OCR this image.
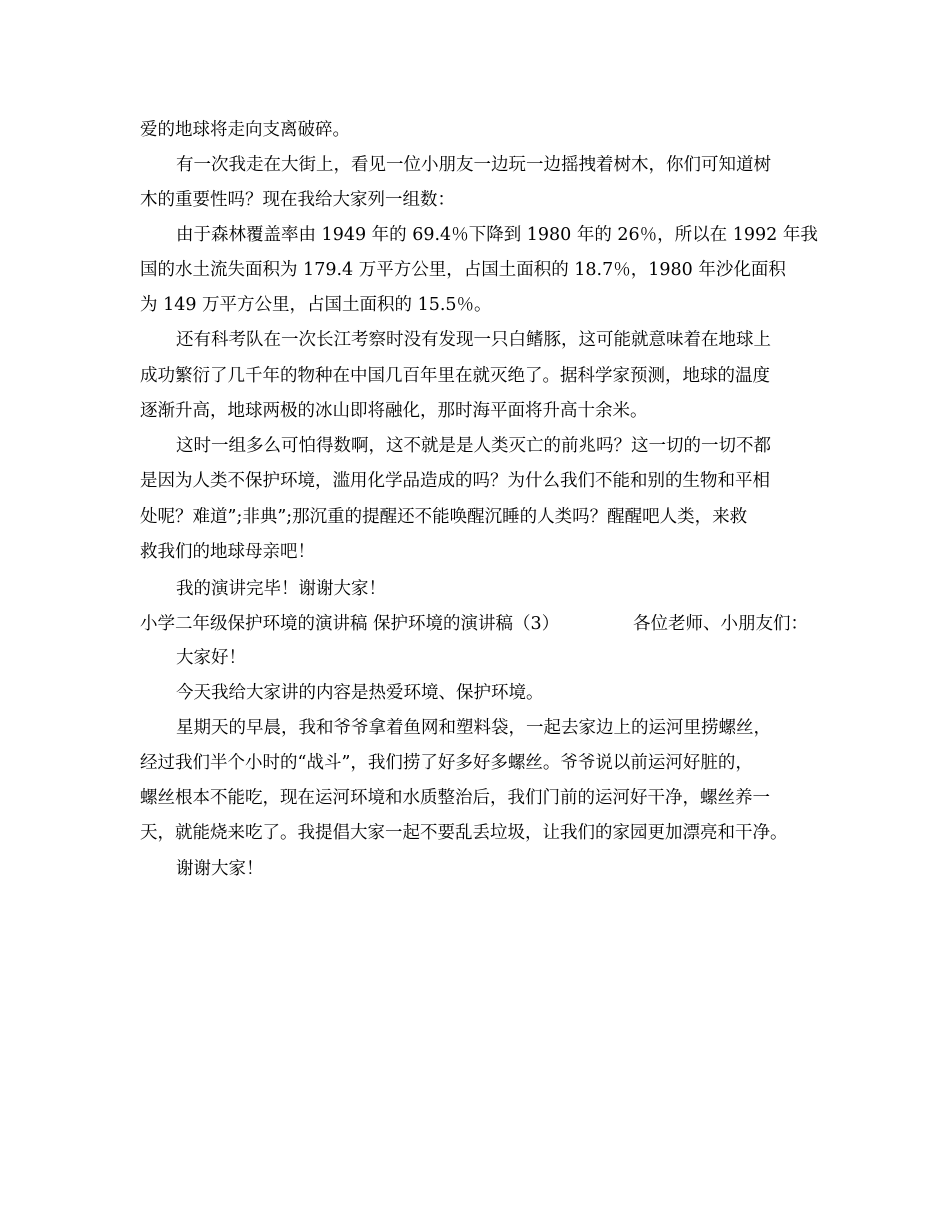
爱的地球将走向支离破碎。
有一次我走在大街上，看见一位小朋友一边玩一边摇拽着树木，你们可知道树
木的重要性吗？现在我给大家列一组数：
由于森林覆盖率由 1949 年的 69.4％下降到 1980 年的 26％，所以在 1992 年我
国的水土流失面积为 179.4 万平方公里，占国土面积的 18.7％，1980 年沙化面积
为 149 万平方公里，占国土面积的 15.5％。
还有科考队在一次长江考察时没有发现一只白鳍豚，这可能就意味着在地球上
成功繁衍了几千年的物种在中国几百年里在就灭绝了。据科学家预测，地球的温度
逐渐升高，地球两极的冰山即将融化，那时海平面将升高十余米。
这时一组多么可怕得数啊，这不就是是人类灭亡的前兆吗？这一切的一切不都
是因为人类不保护环境，滥用化学品造成的吗？为什么我们不能和别的生物和平相
处呢？难道”;非典”;那沉重的提醒还不能唤醒沉睡的人类吗？醒醒吧人类，来救
救我们的地球母亲吧！
我的演讲完毕！谢谢大家！
小学二年级保护环境的演讲稿 保护环境的演讲稿（3）	各位老师、小朋友们：
大家好！
今天我给大家讲的内容是热爱环境、保护环境。
星期天的早晨，我和爷爷拿着鱼网和塑料袋，一起去家边上的运河里捞螺丝，
经过我们半个小时的“战斗”，我们捞了好多好多螺丝。爷爷说以前运河好脏的，
螺丝根本不能吃，现在运河环境和水质整治后，我们门前的运河好干净，螺丝养一
天，就能烧来吃了。我提倡大家一起不要乱丢垃圾，让我们的家园更加漂亮和干净。
谢谢大家！
